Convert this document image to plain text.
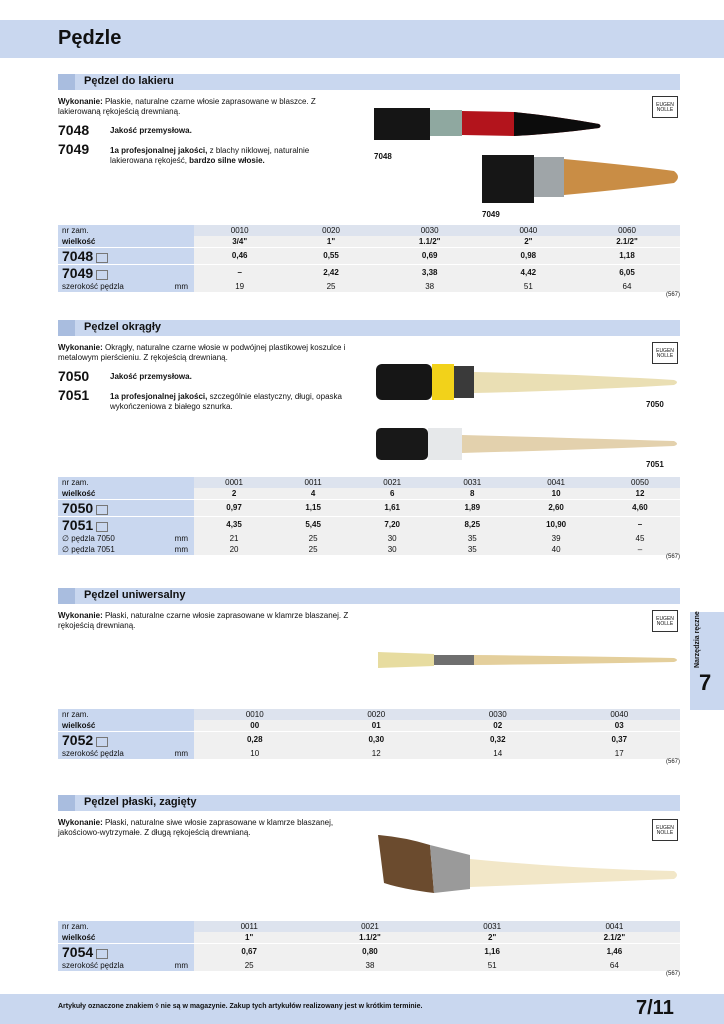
Pędzle
Pędzel do lakieru
Wykonanie: Płaskie, naturalne czarne włosie zaprasowane w blaszce. Z lakierowaną rękojeścią drewnianą.
7048	Jakość przemysłowa.
7049	1a profesjonalnej jakości, z blachy niklowej, naturalnie lakierowana rękojeść, bardzo silne włosie.
EUGEN NOLLE
7048
7049
nr zam.		0010	0020	0030	0040	0060
wielkość		3/4"	1"	1.1/2"	2"	2.1/2"
7048		0,46	0,55	0,69	0,98	1,18
7049		–	2,42	3,38	4,42	6,05
szerokość pędzla	mm	19	25	38	51	64
(567)
Pędzel okrągły
Wykonanie: Okrągły, naturalne czarne włosie w podwójnej plastikowej koszulce i metalowym pierścieniu. Z rękojeścią drewnianą.
7050	Jakość przemysłowa.
7051	1a profesjonalnej jakości, szczególnie elastyczny, długi, opaska wykończeniowa z białego sznurka.
EUGEN NOLLE
7050
7051
nr zam.		0001	0011	0021	0031	0041	0050
wielkość		2	4	6	8	10	12
7050		0,97	1,15	1,61	1,89	2,60	4,60
7051		4,35	5,45	7,20	8,25	10,90	–
∅ pędzla 7050	mm	21	25	30	35	39	45
∅ pędzla 7051	mm	20	25	30	35	40	–
(567)
Pędzel uniwersalny
Wykonanie: Płaski, naturalne czarne włosie zaprasowane w klamrze blaszanej. Z rękojeścią drewnianą.
EUGEN NOLLE
nr zam.		0010	0020	0030	0040
wielkość		00	01	02	03
7052		0,28	0,30	0,32	0,37
szerokość pędzla	mm	10	12	14	17
(567)
Pędzel płaski, zagięty
Wykonanie: Płaski, naturalne siwe włosie zaprasowane w klamrze blaszanej, jakościowo-wytrzymałe. Z długą rękojeścią drewnianą.	EUGEN NOLLE
nr zam.		0011	0021	0031	0041
wielkość		1"	1.1/2"	2"	2.1/2"
7054		0,67	0,80	1,16	1,46
szerokość pędzla	mm	25	38	51	64
(567)
7
Narzędzia ręczne
Artykuły oznaczone znakiem ◊ nie są w magazynie. Zakup tych artykułów realizowany jest w krótkim terminie.	7/11
